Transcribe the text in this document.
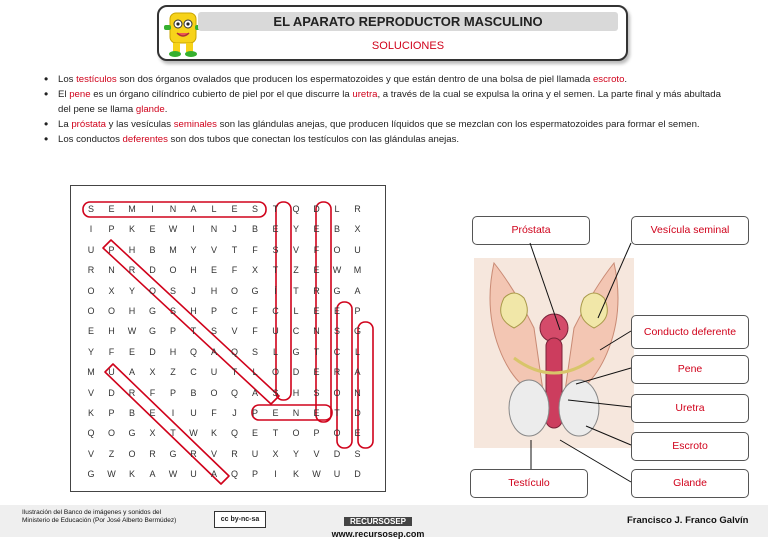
EL APARATO REPRODUCTOR MASCULINO
SOLUCIONES
• Los testículos son dos órganos ovalados que producen los espermatozoides y que están dentro de una bolsa de piel llamada escroto.
• El pene es un órgano cilíndrico cubierto de piel por el que discurre la uretra, a través de la cual se expulsa la orina y el semen. La parte final y más abultada del pene se llama glande.
• La próstata y las vesículas seminales son las glándulas anejas, que producen líquidos que se mezclan con los espermatozoides para formar el semen.
• Los conductos deferentes son dos tubos que conectan los testículos con las glándulas anejas.
S	E	M	I	N	A	L	E	S	T	Q	D	L	R
I	P	K	E	W	I	N	J	B	E	Y	E	B	X
U	P	H	B	M	Y	V	T	F	S	V	F	O	U
R	N	R	D	O	H	E	F	X	T	Z	E	W	M
O	X	Y	O	S	J	H	O	G	Í	T	R	G	A
O	O	H	G	S	H	P	C	F	C	L	E	E	P
E	H	W	G	P	T	S	V	F	U	C	N	S	G
Y	F	E	D	H	Q	A	Q	S	L	G	T	C	L
M	U	A	X	Z	C	U	T	L	O	D	E	R	A
V	D	R	F	P	B	O	Q	A	S	H	S	O	N
K	P	B	E	I	U	F	J	P	E	N	E	T	D
Q	O	G	X	T	W	K	Q	E	T	O	P	O	E
V	Z	O	R	G	R	V	R	U	X	Y	V	D	S
G	W	K	A	W	U	A	Q	P	I	K	W	U	D
Próstata	Vesícula seminal
Conducto deferente
Pene
Uretra
Escroto
Testículo	Glande
Ilustración del Banco de imágenes y sonidos del
Ministerio de Educación (Por José Alberto Bermúdez)	cc by-nc-sa	RECURSOSEP
www.recursosep.com
Francisco J. Franco Galvín
